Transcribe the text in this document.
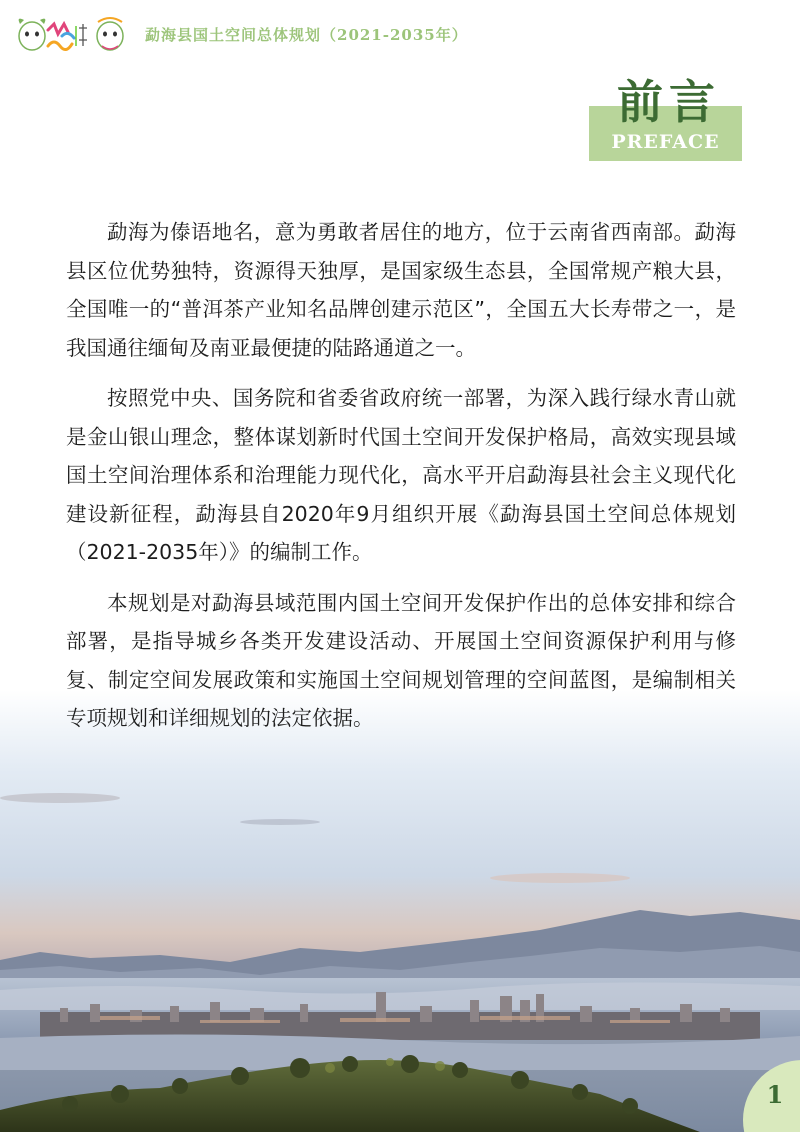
勐海县国土空间总体规划（2021-2035年）
前言
PREFACE

勐海为傣语地名，意为勇敢者居住的地方，位于云南省西南部。勐海县区位优势独特，资源得天独厚，是国家级生态县，全国常规产粮大县，全国唯一的“普洱茶产业知名品牌创建示范区”，全国五大长寿带之一，是我国通往缅甸及南亚最便捷的陆路通道之一。

按照党中央、国务院和省委省政府统一部署，为深入践行绿水青山就是金山银山理念，整体谋划新时代国土空间开发保护格局，高效实现县域国土空间治理体系和治理能力现代化，高水平开启勐海县社会主义现代化建设新征程，勐海县自2020年9月组织开展《勐海县国土空间总体规划（2021-2035年）》的编制工作。

本规划是对勐海县域范围内国土空间开发保护作出的总体安排和综合部署，是指导城乡各类开发建设活动、开展国土空间资源保护利用与修复、制定空间发展政策和实施国土空间规划管理的空间蓝图，是编制相关专项规划和详细规划的法定依据。

1
